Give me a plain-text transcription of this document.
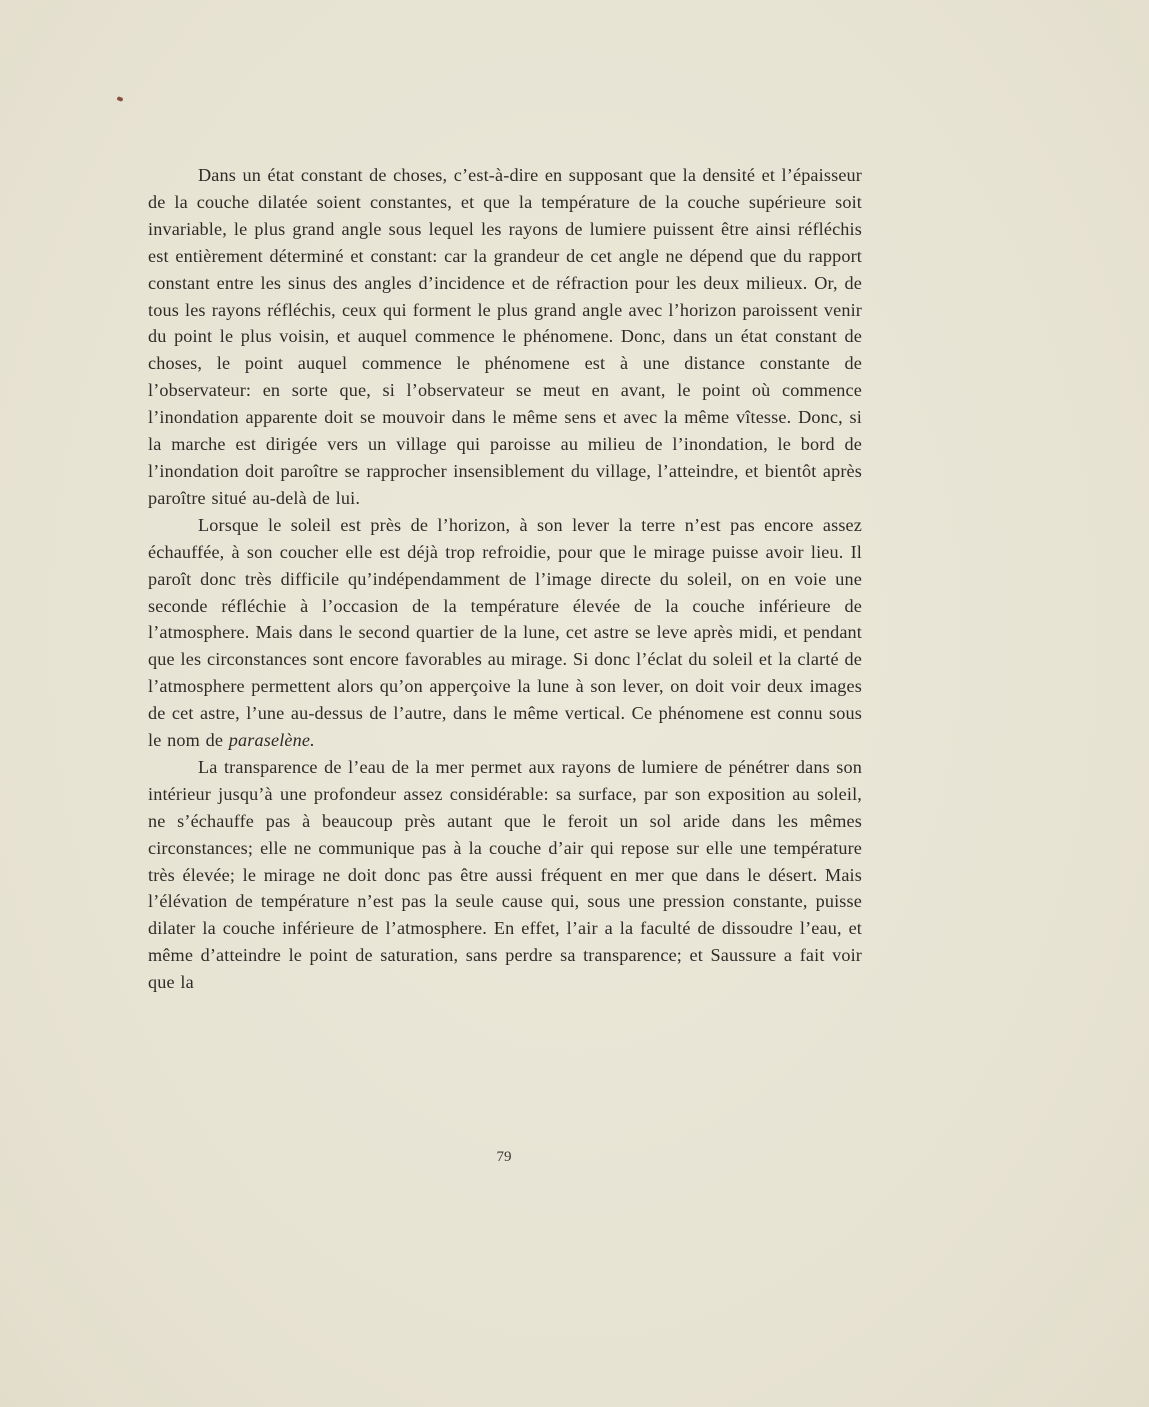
Dans un état constant de choses, c’est-à-dire en supposant que la densité et l’épaisseur de la couche dilatée soient constantes, et que la température de la couche supérieure soit invariable, le plus grand angle sous lequel les rayons de lumiere puissent être ainsi réfléchis est entièrement déterminé et constant: car la grandeur de cet angle ne dépend que du rapport constant entre les sinus des angles d’incidence et de réfraction pour les deux milieux. Or, de tous les rayons réfléchis, ceux qui forment le plus grand angle avec l’horizon paroissent venir du point le plus voisin, et auquel commence le phénomene. Donc, dans un état constant de choses, le point auquel commence le phénomene est à une distance constante de l’observateur: en sorte que, si l’observateur se meut en avant, le point où commence l’inondation apparente doit se mouvoir dans le même sens et avec la même vîtesse. Donc, si la marche est dirigée vers un village qui paroisse au milieu de l’inondation, le bord de l’inondation doit paroître se rapprocher insensiblement du village, l’atteindre, et bientôt après paroître situé au-delà de lui.

Lorsque le soleil est près de l’horizon, à son lever la terre n’est pas encore assez échauffée, à son coucher elle est déjà trop refroidie, pour que le mirage puisse avoir lieu. Il paroît donc très difficile qu’indépendamment de l’image directe du soleil, on en voie une seconde réfléchie à l’occasion de la température élevée de la couche inférieure de l’atmosphere. Mais dans le second quartier de la lune, cet astre se leve après midi, et pendant que les circonstances sont encore favorables au mirage. Si donc l’éclat du soleil et la clarté de l’atmosphere permettent alors qu’on apperçoive la lune à son lever, on doit voir deux images de cet astre, l’une au-dessus de l’autre, dans le même vertical. Ce phénomene est connu sous le nom de paraselène.

La transparence de l’eau de la mer permet aux rayons de lumiere de pénétrer dans son intérieur jusqu’à une profondeur assez considérable: sa surface, par son exposition au soleil, ne s’échauffe pas à beaucoup près autant que le feroit un sol aride dans les mêmes circonstances; elle ne communique pas à la couche d’air qui repose sur elle une température très élevée; le mirage ne doit donc pas être aussi fréquent en mer que dans le désert. Mais l’élévation de température n’est pas la seule cause qui, sous une pression constante, puisse dilater la couche inférieure de l’atmosphere. En effet, l’air a la faculté de dissoudre l’eau, et même d’atteindre le point de saturation, sans perdre sa transparence; et Saussure a fait voir que la

79
